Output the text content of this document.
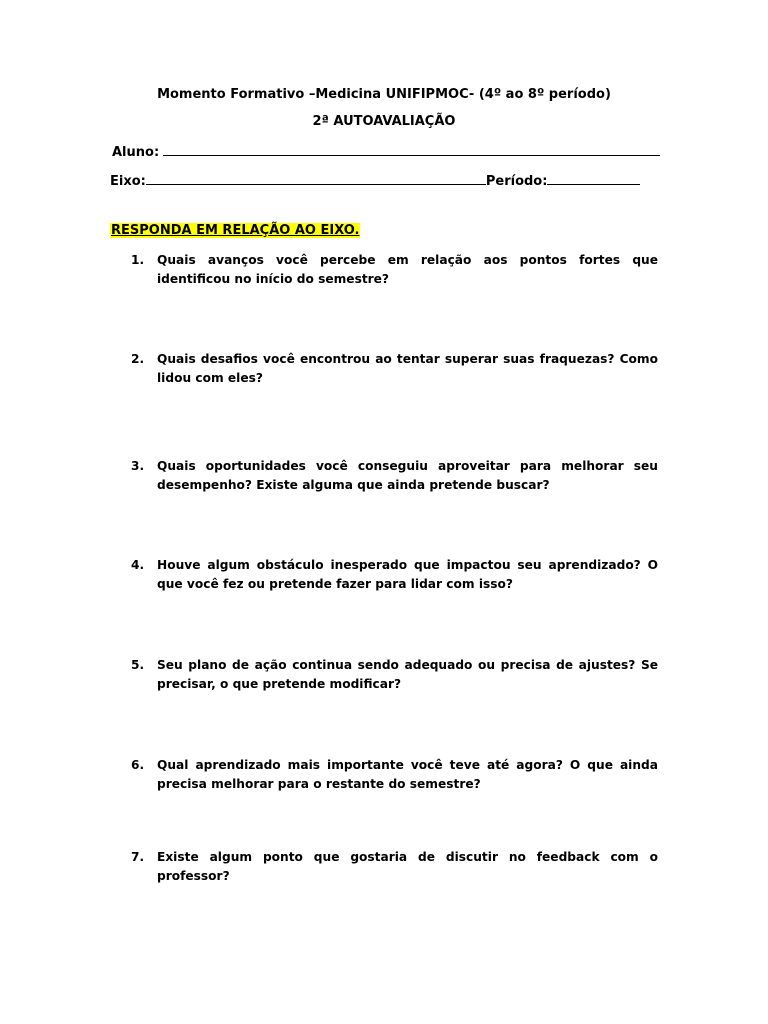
Momento Formativo –Medicina UNIFIPMOC- (4º ao 8º período)
2ª AUTOAVALIAÇÃO
Aluno:
Eixo:	Período:
RESPONDA EM RELAÇÃO AO EIXO.
1. Quais avanços você percebe em relação aos pontos fortes que identificou no início do semestre?
2. Quais desafios você encontrou ao tentar superar suas fraquezas? Como lidou com eles?
3. Quais oportunidades você conseguiu aproveitar para melhorar seu desempenho? Existe alguma que ainda pretende buscar?
4. Houve algum obstáculo inesperado que impactou seu aprendizado? O que você fez ou pretende fazer para lidar com isso?
5. Seu plano de ação continua sendo adequado ou precisa de ajustes? Se precisar, o que pretende modificar?
6. Qual aprendizado mais importante você teve até agora? O que ainda precisa melhorar para o restante do semestre?
7. Existe algum ponto que gostaria de discutir no feedback com o professor?
